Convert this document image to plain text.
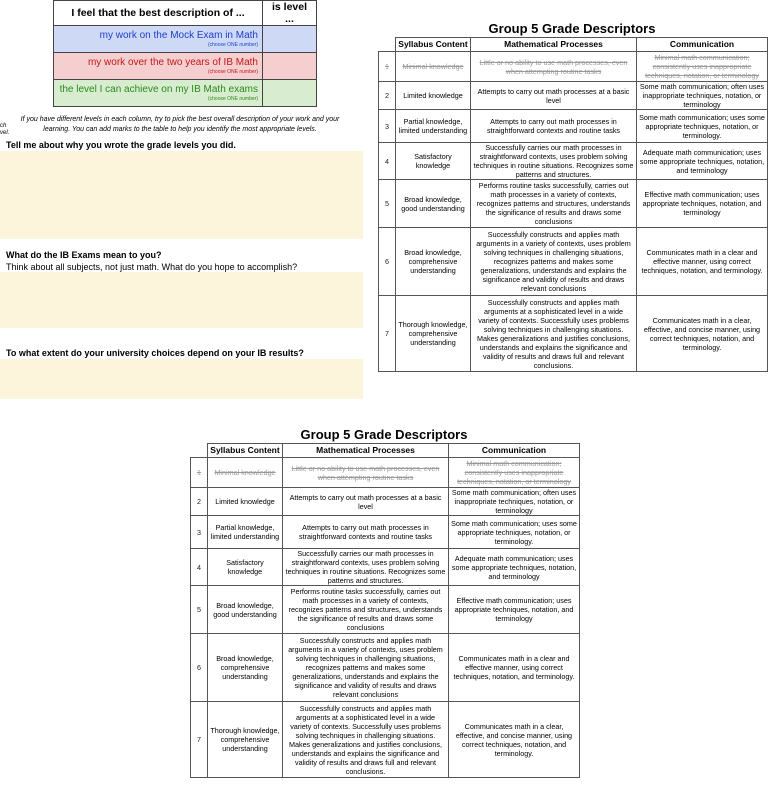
I feel that the best description of ...	is level ...
my work on the Mock Exam in Math
(choose ONE number)	

my work over the two years of IB Math
(choose ONE number)	

the level I can achieve on my IB Math exams
(choose ONE number)	

If you have different levels in each column, try to pick the best overall description of your work and your learning. You can add marks to the table to help you identify the most appropriate levels.
ch
vel.
Tell me about why you wrote the grade levels you did.
What do the IB Exams mean to you?
Think about all subjects, not just math. What do you hope to accomplish?
To what extent do your university choices depend on your IB results?
Group 5 Grade Descriptors
	Syllabus Content	Mathematical Processes	Communication
1	Minimal knowledge	Little or no ability to use math processes, even when attempting routine tasks	Minimal math communication; consistently uses inappropriate techniques, notation, or terminology
2	Limited knowledge	Attempts to carry out math processes at a basic level	Some math communication; often uses inappropriate techniques, notation, or terminology
3	Partial knowledge, limited understanding	Attempts to carry out math processes in straightforward contexts and routine tasks	Some math communication; uses some appropriate techniques, notation, or terminology.
4	Satisfactory knowledge	Successfully carries our math processes in straightforward contexts, uses problem solving techniques in routine situations. Recognizes some patterns and structures.	Adequate math communication; uses some appropriate techniques, notation, and terminology
5	Broad knowledge, good understanding	Performs routine tasks successfully, carries out math processes in a variety of contexts, recognizes patterns and structures, understands the significance of results and draws some conclusions	Effective math communication; uses appropriate techniques, notation, and terminology
6	Broad knowledge, comprehensive understanding	Successfully constructs and applies math arguments in a variety of contexts, uses problem solving techniques in challenging situations, recognizes patterns and makes some generalizations, understands and explains the significance and validity of results and draws relevant conclusions	Communicates math in a clear and effective manner, using correct techniques, notation, and terminology.
7	Thorough knowledge, comprehensive understanding	Successfully constructs and applies math arguments at a sophisticated level in a wide variety of contexts. Successfully uses problems solving techniques in challenging situations. Makes generalizations and justifies conclusions, understands and explains the significance and validity of results and draws full and relevant conclusions.	Communicates math in a clear, effective, and concise manner, using correct techniques, notation, and terminology.
Group 5 Grade Descriptors
	Syllabus Content	Mathematical Processes	Communication
1	Minimal knowledge	Little or no ability to use math processes, even when attempting routine tasks	Minimal math communication; consistently uses inappropriate techniques, notation, or terminology
2	Limited knowledge	Attempts to carry out math processes at a basic level	Some math communication; often uses inappropriate techniques, notation, or terminology
3	Partial knowledge, limited understanding	Attempts to carry out math processes in straightforward contexts and routine tasks	Some math communication; uses some appropriate techniques, notation, or terminology.
4	Satisfactory knowledge	Successfully carries our math processes in straightforward contexts, uses problem solving techniques in routine situations. Recognizes some patterns and structures.	Adequate math communication; uses some appropriate techniques, notation, and terminology
5	Broad knowledge, good understanding	Performs routine tasks successfully, carries out math processes in a variety of contexts, recognizes patterns and structures, understands the significance of results and draws some conclusions	Effective math communication; uses appropriate techniques, notation, and terminology
6	Broad knowledge, comprehensive understanding	Successfully constructs and applies math arguments in a variety of contexts, uses problem solving techniques in challenging situations, recognizes patterns and makes some generalizations, understands and explains the significance and validity of results and draws relevant conclusions	Communicates math in a clear and effective manner, using correct techniques, notation, and terminology.
7	Thorough knowledge, comprehensive understanding	Successfully constructs and applies math arguments at a sophisticated level in a wide variety of contexts. Successfully uses problems solving techniques in challenging situations. Makes generalizations and justifies conclusions, understands and explains the significance and validity of results and draws full and relevant conclusions.	Communicates math in a clear, effective, and concise manner, using correct techniques, notation, and terminology.
